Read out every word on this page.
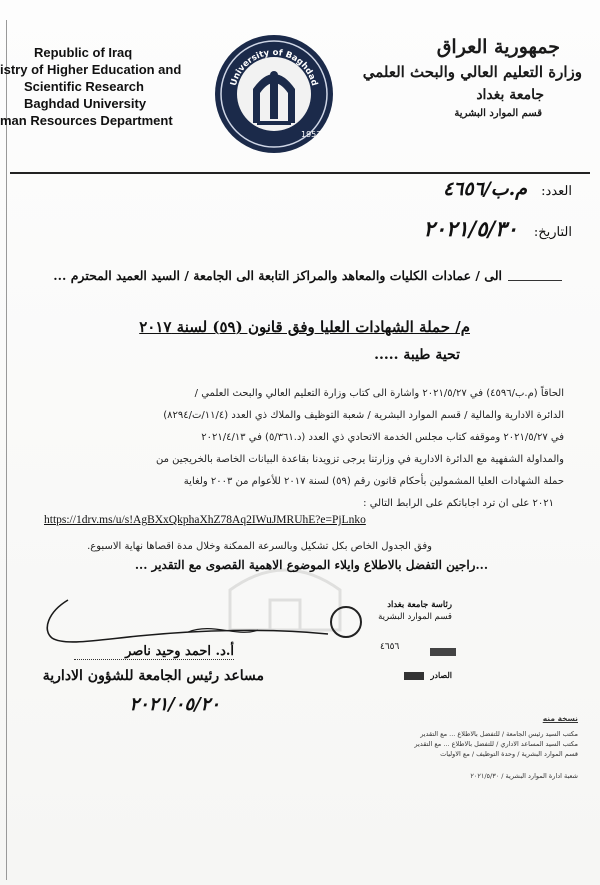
Republic of Iraq
istry of Higher Education and
Scientific Research
Baghdad University
man Resources Department
University of Baghdad
1957
جمهورية العراق
وزارة التعليم العالي والبحث العلمي
جامعة بغداد
قسم الموارد البشرية
العدد: م.ب/٤٦٥٦
التاريخ: ٢٠٢١/٥/٣٠
الى / عمادات الكليات والمعاهد والمراكز التابعة الى الجامعة / السيد العميد المحترم ...
م/ حملة الشهادات العليا وفق قانون (٥٩) لسنة ٢٠١٧
تحية طيبة .....
الحاقاً (م.ب/٤٥٩٦) في ٢٠٢١/٥/٢٧ واشارة الى كتاب وزارة التعليم العالي والبحث العلمي /
الدائرة الادارية والمالية / قسم الموارد البشرية / شعبة التوظيف والملاك ذي العدد (١١/٤/ت/٨٢٩٤)
في ٢٠٢١/٥/٢٧ وموقفه كتاب مجلس الخدمة الاتحادي ذي العدد (د.٥/٣٦١) في ٢٠٢١/٤/١٣
والمداولة الشفهية مع الدائرة الادارية في وزارتنا يرجى تزويدنا بقاعدة البيانات الخاصة بالخريجين من
حملة الشهادات العليا المشمولين بأحكام قانون رقم (٥٩) لسنة ٢٠١٧ للأعوام من ٢٠٠٣ ولغاية
٢٠٢١ على ان ترد اجاباتكم على الرابط التالي :
https://1drv.ms/u/s!AgBXxQkphaXhZ78Aq2IWuJMRUhE?e=PjLnko
وفق الجدول الخاص بكل تشكيل وبالسرعة الممكنة وخلال مدة اقصاها نهاية الاسبوع.
...راجين التفضل بالاطلاع وايلاء الموضوع الاهمية القصوى مع التقدير ...
أ.د. احمد وحيد ناصر
مساعد رئيس الجامعة للشؤون الادارية
٢٠٢١/٠٥/٢٠
رئاسة جامعة بغداد
قسم الموارد البشرية
٤٦٥٦
الصادر
نسخة منه
مكتب السيد رئيس الجامعة / للتفضل بالاطلاع ... مع التقدير
مكتب السيد المساعد الاداري / للتفضل بالاطلاع ... مع التقدير
قسم الموارد البشرية / وحدة التوظيف / مع الاوليات
شعبة ادارة الموارد البشرية / ٢٠٢١/٥/٣٠
